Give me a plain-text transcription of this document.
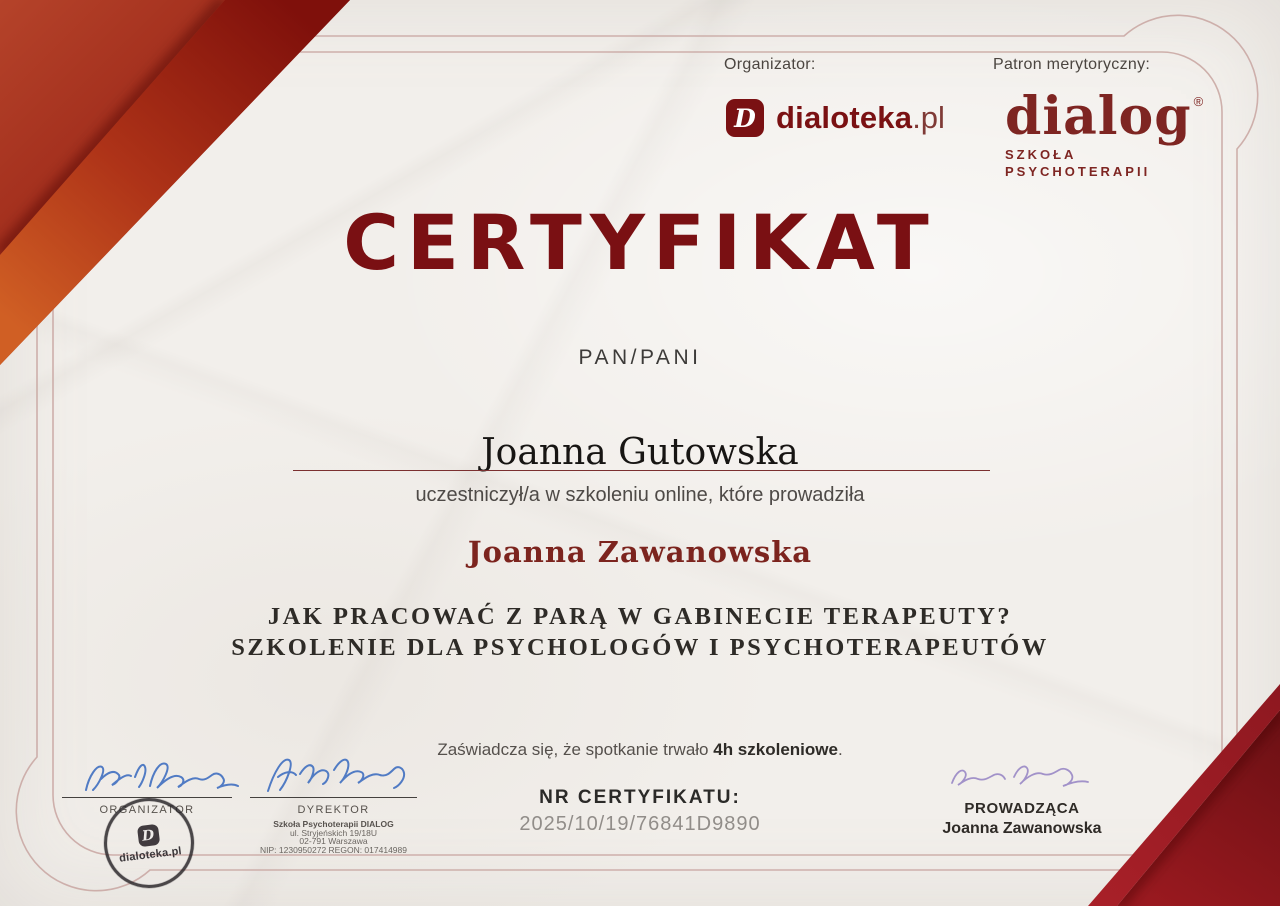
Organizator:	Patron merytoryczny:
D dialoteka.pl dialog ®
SZKOŁA
PSYCHOTERAPII
CERTYFIKAT
PAN/PANI
Joanna Gutowska
uczestniczył/a w szkoleniu online, które prowadziła
Joanna Zawanowska
JAK PRACOWAĆ Z PARĄ W GABINECIE TERAPEUTY?
SZKOLENIE DLA PSYCHOLOGÓW I PSYCHOTERAPEUTÓW
Zaświadcza się, że spotkanie trwało 4h szkoleniowe.
NR CERTYFIKATU:
2025/10/19/76841D9890
ORGANIZATOR
D
dialoteka.pl
DYREKTOR
Szkoła Psychoterapii DIALOG
ul. Stryjeńskich 19/18U
02-791 Warszawa
NIP: 1230950272 REGON: 017414989
PROWADZĄCA
Joanna Zawanowska
